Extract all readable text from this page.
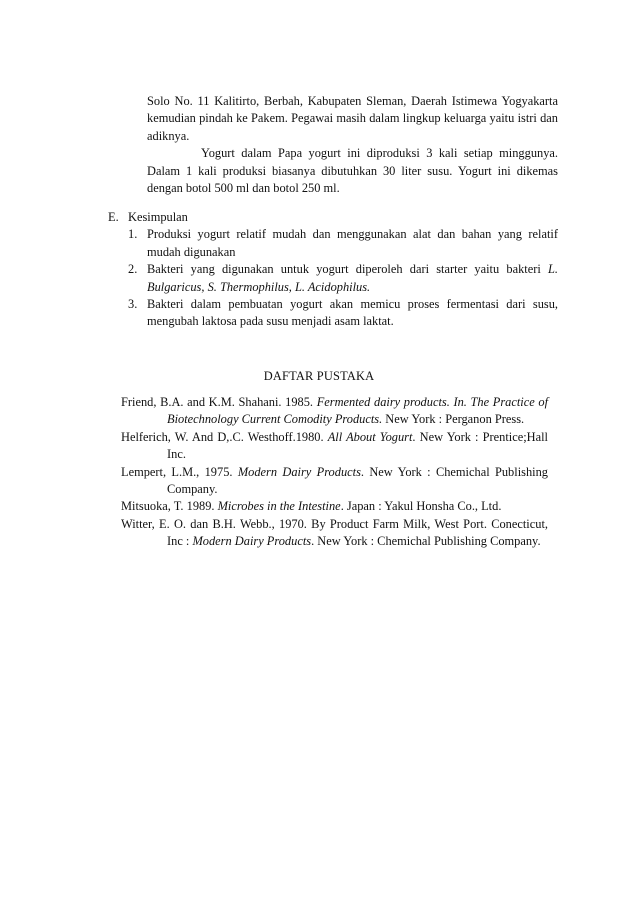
Solo No. 11 Kalitirto, Berbah, Kabupaten Sleman, Daerah Istimewa Yogyakarta kemudian pindah ke Pakem. Pegawai masih dalam lingkup keluarga yaitu istri dan adiknya.

Yogurt dalam Papa yogurt ini diproduksi 3 kali setiap minggunya. Dalam 1 kali produksi biasanya dibutuhkan 30 liter susu. Yogurt ini dikemas dengan botol 500 ml dan botol 250 ml.

E. Kesimpulan

1. Produksi yogurt relatif mudah dan menggunakan alat dan bahan yang relatif mudah digunakan
2. Bakteri yang digunakan untuk yogurt diperoleh dari starter yaitu bakteri L. Bulgaricus, S. Thermophilus, L. Acidophilus.
3. Bakteri dalam pembuatan yogurt akan memicu proses fermentasi dari susu, mengubah laktosa pada susu menjadi asam laktat.
DAFTAR PUSTAKA

Friend, B.A. and K.M. Shahani. 1985. Fermented dairy products. In. The Practice of Biotechnology Current Comodity Products. New York : Perganon Press.

Helferich, W. And D,.C. Westhoff.1980. All About Yogurt. New York : Prentice;Hall Inc.

Lempert, L.M., 1975. Modern Dairy Products. New York : Chemichal Publishing Company.

Mitsuoka, T. 1989. Microbes in the Intestine. Japan : Yakul Honsha Co., Ltd.

Witter, E. O. dan B.H. Webb., 1970. By Product Farm Milk, West Port. Conecticut, Inc : Modern Dairy Products. New York : Chemichal Publishing Company.
